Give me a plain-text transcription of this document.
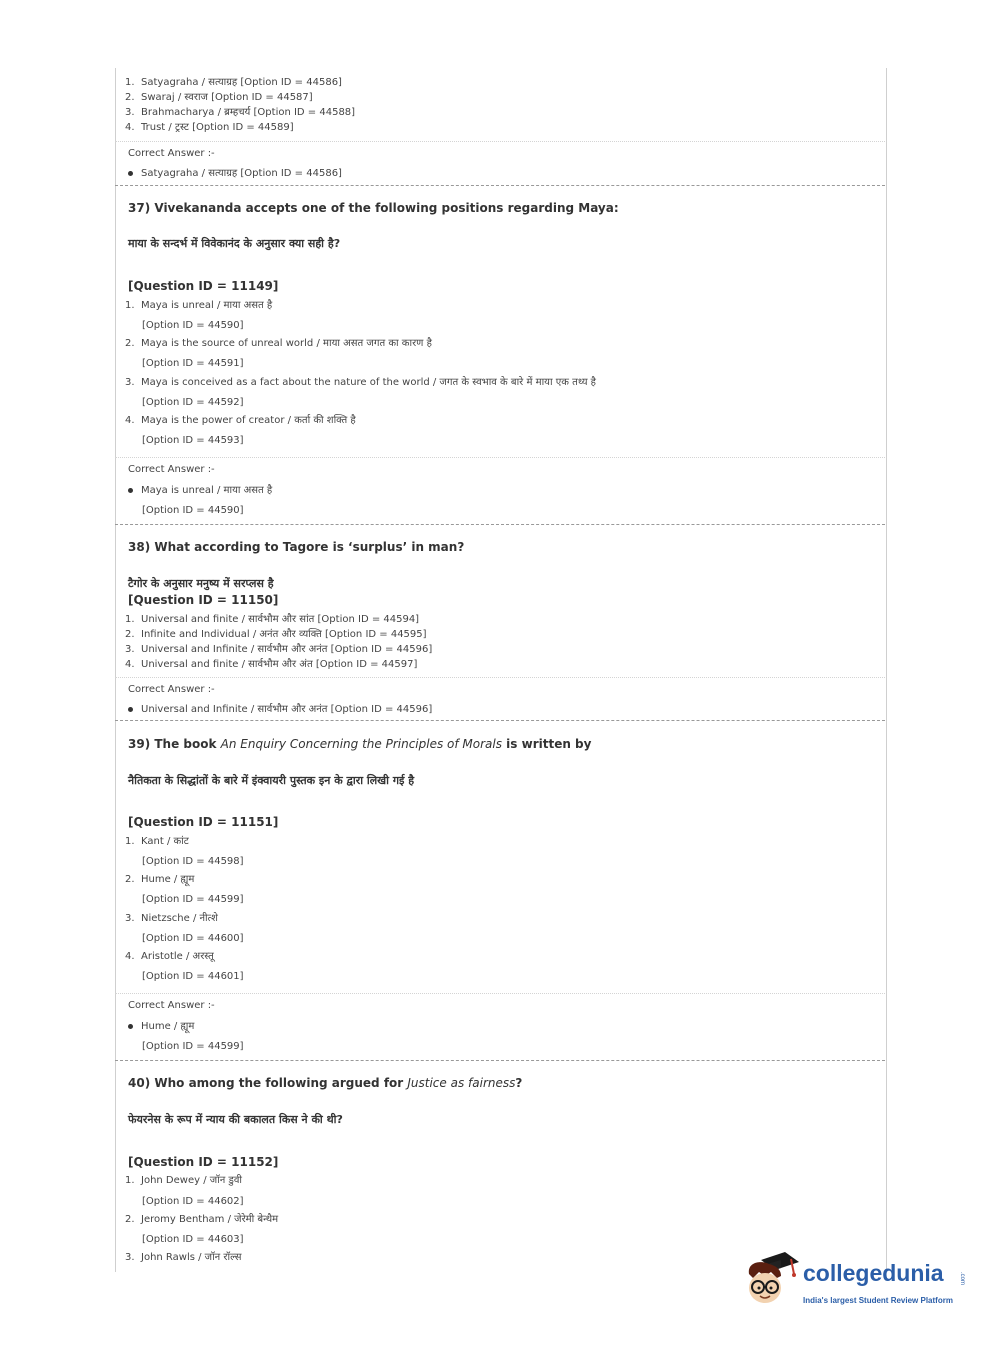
1. Satyagraha / सत्याग्रह [Option ID = 44586]
2. Swaraj / स्वराज [Option ID = 44587]
3. Brahmacharya / ब्रम्हचर्य [Option ID = 44588]
4. Trust / ट्रस्ट [Option ID = 44589]
Correct Answer :-
Satyagraha / सत्याग्रह [Option ID = 44586]
37) Vivekananda accepts one of the following positions regarding Maya:
माया के सन्दर्भ में विवेकानंद के अनुसार क्या सही है?
[Question ID = 11149]
1. Maya is unreal / माया असत है
[Option ID = 44590]
2. Maya is the source of unreal world / माया असत जगत का कारण है
[Option ID = 44591]
3. Maya is conceived as a fact about the nature of the world / जगत के स्वभाव के बारे में माया एक तथ्य है
[Option ID = 44592]
4. Maya is the power of creator / कर्ता की शक्ति है
[Option ID = 44593]
Correct Answer :-
Maya is unreal / माया असत है
[Option ID = 44590]
38) What according to Tagore is ‘surplus’ in man?
टैगोर के अनुसार मनुष्य में सरप्लस है
[Question ID = 11150]
1. Universal and finite / सार्वभौम और सांत [Option ID = 44594]
2. Infinite and Individual / अनंत और व्यक्ति [Option ID = 44595]
3. Universal and Infinite / सार्वभौम और अनंत [Option ID = 44596]
4. Universal and finite / सार्वभौम और अंत [Option ID = 44597]
Correct Answer :-
Universal and Infinite / सार्वभौम और अनंत [Option ID = 44596]
39) The book An Enquiry Concerning the Principles of Morals is written by
नैतिकता के सिद्धांतों के बारे में इंक्वायरी पुस्तक इन के द्वारा लिखी गई है
[Question ID = 11151]
1. Kant / कांट
[Option ID = 44598]
2. Hume / ह्यूम
[Option ID = 44599]
3. Nietzsche / नीत्शे
[Option ID = 44600]
4. Aristotle / अरस्तू
[Option ID = 44601]
Correct Answer :-
Hume / ह्यूम
[Option ID = 44599]
40) Who among the following argued for Justice as fairness?
फेयरनेस के रूप में न्याय की बकालत किस ने की थी?
[Question ID = 11152]
1. John Dewey / जॉन डुवी
[Option ID = 44602]
2. Jeromy Bentham / जेरेमी बेन्थैम
[Option ID = 44603]
3. John Rawls / जॉन रॉल्स
collegedunia	.com
India's largest Student Review Platform
